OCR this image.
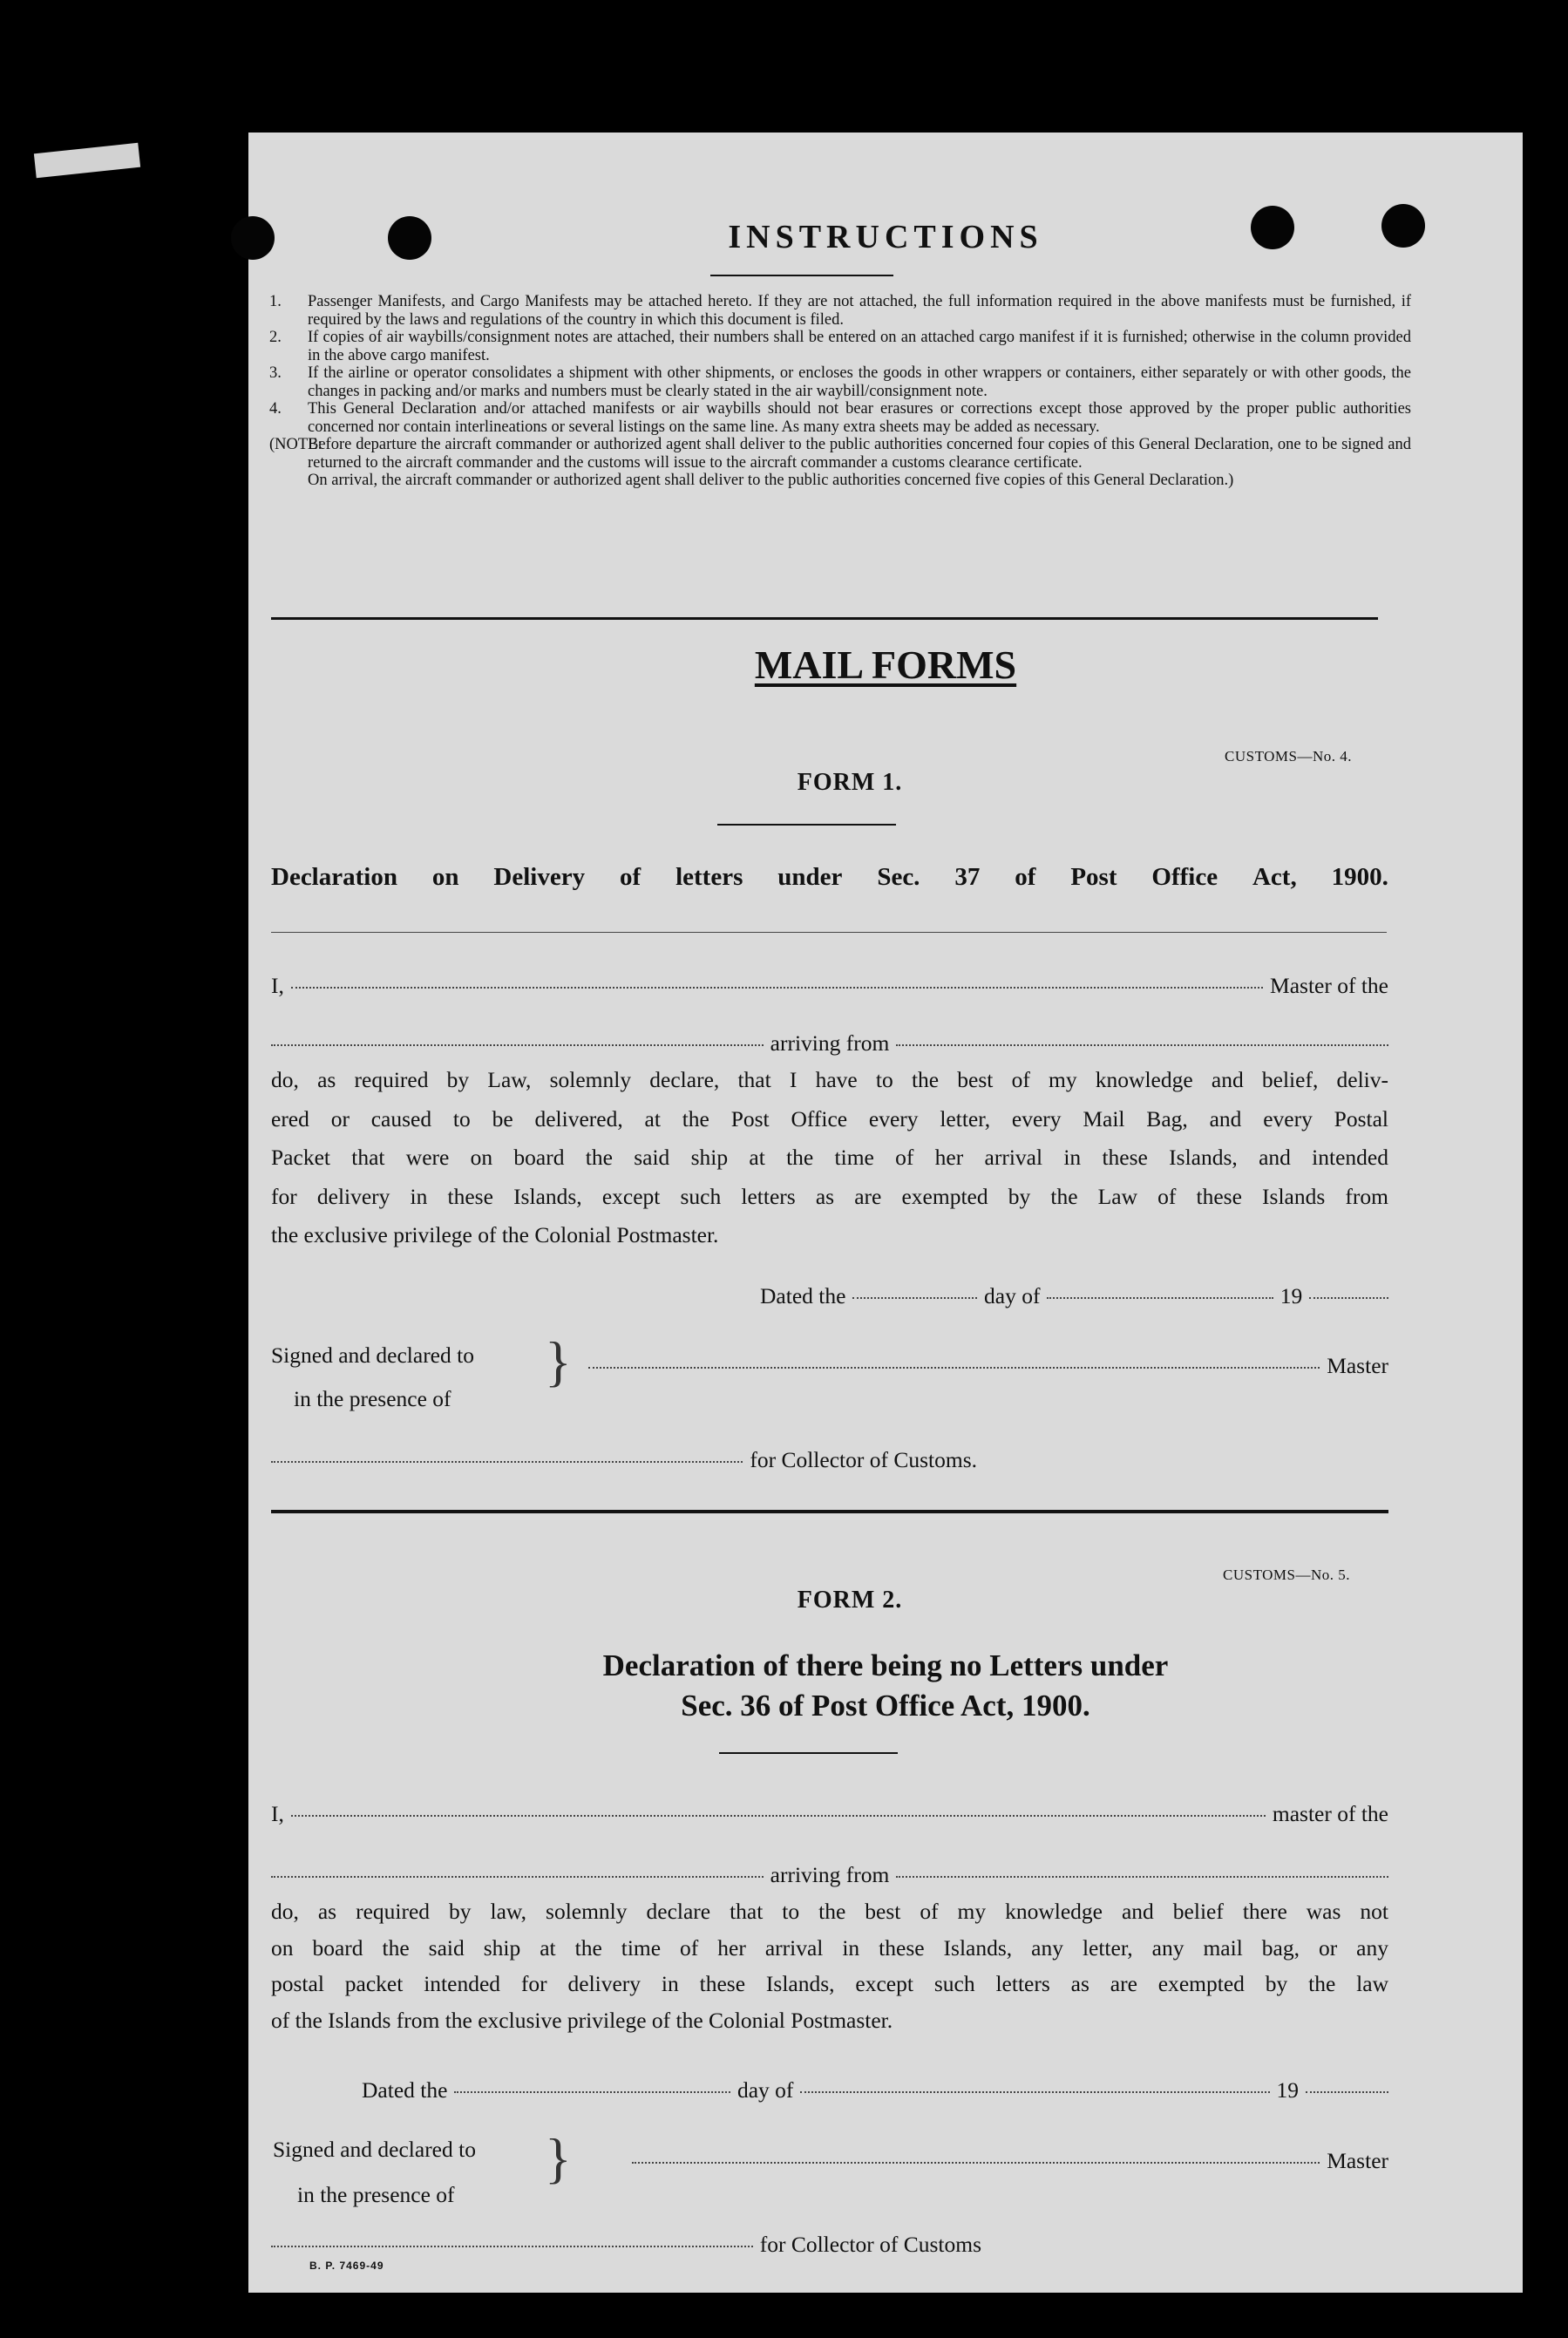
INSTRUCTIONS
1.	Passenger Manifests, and Cargo Manifests may be attached hereto. If they are not attached, the full information required in the above manifests must be furnished, if required by the laws and regulations of the country in which this document is filed.
2.	If copies of air waybills/consignment notes are attached, their numbers shall be entered on an attached cargo manifest if it is furnished; otherwise in the column provided in the above cargo manifest.
3.	If the airline or operator consolidates a shipment with other shipments, or encloses the goods in other wrappers or containers, either separately or with other goods, the changes in packing and/or marks and numbers must be clearly stated in the air waybill/consignment note.
4.	This General Declaration and/or attached manifests or air waybills should not bear erasures or corrections except those approved by the proper public authorities concerned nor contain interlineations or several listings on the same line. As many extra sheets may be added as necessary.
(NOTE:
Before departure the aircraft commander or authorized agent shall deliver to the public authorities concerned four copies of this General Declaration, one to be signed and returned to the aircraft commander and the customs will issue to the aircraft commander a customs clearance certificate.
On arrival, the aircraft commander or authorized agent shall deliver to the public authorities concerned five copies of this General Declaration.)
MAIL FORMS
CUSTOMS—No. 4.
FORM 1.
Declaration on Delivery of letters under Sec. 37 of Post Office Act, 1900.
I,	Master of the
arriving from
do, as required by Law, solemnly declare, that I have to the best of my knowledge and belief, deliv-
ered or caused to be delivered, at the Post Office every letter, every Mail Bag, and every Postal
Packet that were on board the said ship at the time of her arrival in these Islands, and intended
for delivery in these Islands, except such letters as are exempted by the Law of these Islands from
the exclusive privilege of the Colonial Postmaster.
Dated the	day of	19
Signed and declared to
in the presence of
}	Master
for Collector of Customs.
CUSTOMS—No. 5.
FORM 2.
Declaration of there being no Letters under
Sec. 36 of Post Office Act, 1900.
I,	master of the
arriving from
do, as required by law, solemnly declare that to the best of my knowledge and belief there was not
on board the said ship at the time of her arrival in these Islands, any letter, any mail bag, or any
postal packet intended for delivery in these Islands, except such letters as are exempted by the law
of the Islands from the exclusive privilege of the Colonial Postmaster.
Dated the	day of	19
Signed and declared to
in the presence of
}	Master
for Collector of Customs
B. P. 7469-49
